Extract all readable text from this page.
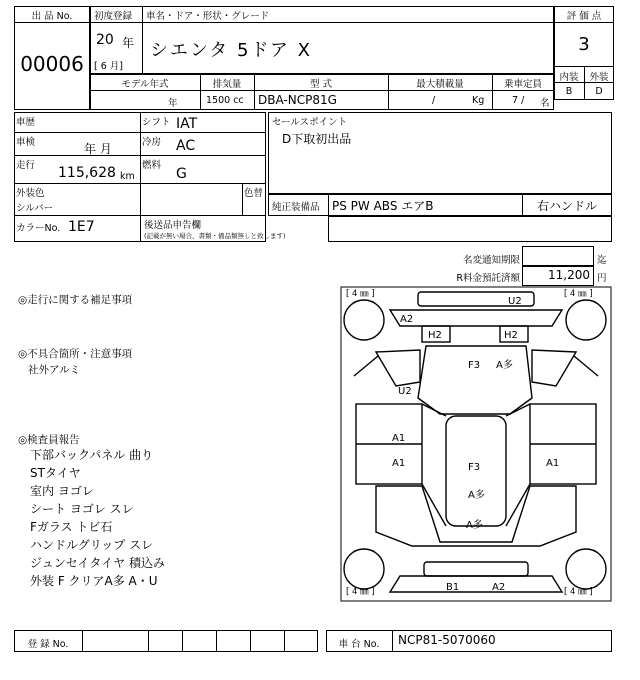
出 品 No.
00006
初度登録 車名・ドア・形状・グレード
20 年
[ 6 月]
シエンタ 5ドア X
評 価 点
3
内装	外装
B	D
モデル年式	排気量	型 式	最大積載量	乗車定員
年	1500 cc DBA-NCP81G	/	Kg	7 / 名
車歴	シフト IAT
車検	年 月	冷房 AC
走行 115,628 km
燃料
G
外装色
シルバー
色替
カラーNo. 1E7	後送品申告欄
(記載が無い場合、書類・備品類無しと致します)
セールスポイント
D下取初出品
純正装備品 PS PW ABS エアB	右ハンドル
名変通知期限	迄
R料金預託済額	11,200 円
◎走行に関する補足事項
◎不具合箇所・注意事項
社外アルミ
◎検査員報告
下部バックパネル 曲り
STタイヤ
室内 ヨゴレ
シート ヨゴレ スレ
Fガラス トビ石
ハンドルグリップ スレ
ジュンセイタイヤ 積込み
外装 F クリアA多 A・U
[ 4 ㎜ ]	[ 4 ㎜ ]
[ 4 ㎜ ]	[ 4 ㎜ ]
U2
A2
H2	H2
F3 A多
U2
A1
A1	F3
A多
A1
A多
B1	A2
登 録 No.	車 台 No.	NCP81-5070060
